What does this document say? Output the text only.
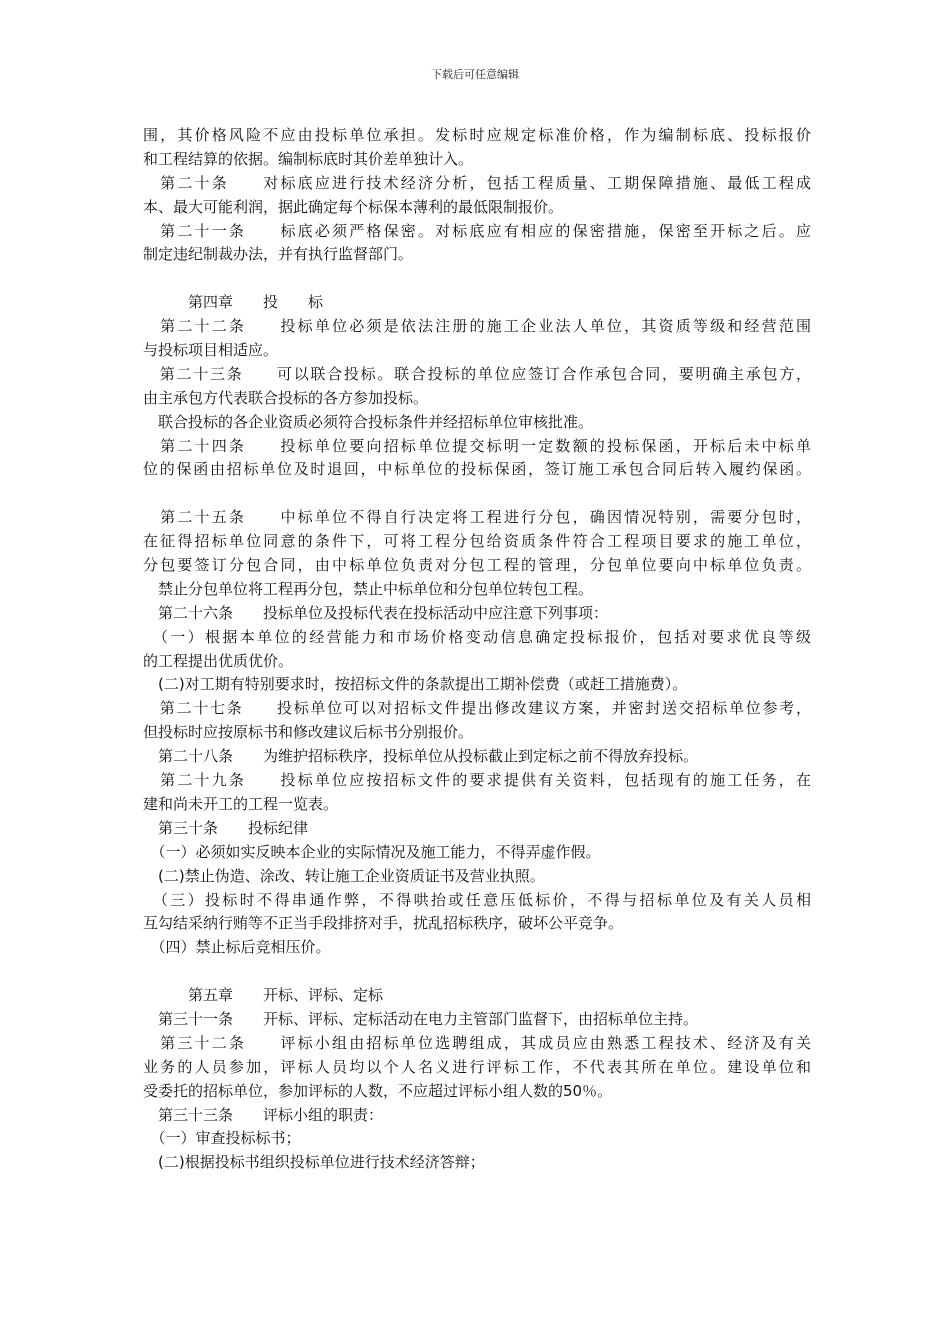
下载后可任意编辑
围，其价格风险不应由投标单位承担。发标时应规定标准价格，作为编制标底、投标报价
和工程结算的依据。编制标底时其价差单独计入。
　第二十条　　对标底应进行技术经济分析，包括工程质量、工期保障措施、最低工程成
本、最大可能利润，据此确定每个标保本薄利的最低限制报价。
　第二十一条　　标底必须严格保密。对标底应有相应的保密措施，保密至开标之后。应
制定违纪制裁办法，并有执行监督部门。
　　　第四章　　投　　标
　第二十二条　　投标单位必须是依法注册的施工企业法人单位，其资质等级和经营范围
与投标项目相适应。
　第二十三条　　可以联合投标。联合投标的单位应签订合作承包合同，要明确主承包方，
由主承包方代表联合投标的各方参加投标。
　联合投标的各企业资质必须符合投标条件并经招标单位审核批准。
　第二十四条　　投标单位要向招标单位提交标明一定数额的投标保函，开标后未中标单
位的保函由招标单位及时退回，中标单位的投标保函，签订施工承包合同后转入履约保函。
　第二十五条　　中标单位不得自行决定将工程进行分包，确因情况特别，需要分包时，
在征得招标单位同意的条件下，可将工程分包给资质条件符合工程项目要求的施工单位，
分包要签订分包合同，由中标单位负责对分包工程的管理，分包单位要向中标单位负责。
　禁止分包单位将工程再分包，禁止中标单位和分包单位转包工程。
　第二十六条　　投标单位及投标代表在投标活动中应注意下列事项：
　（一）根据本单位的经营能力和市场价格变动信息确定投标报价，包括对要求优良等级
的工程提出优质优价。
　(二)对工期有特别要求时，按招标文件的条款提出工期补偿费（或赶工措施费）。
　第二十七条　　投标单位可以对招标文件提出修改建议方案，并密封送交招标单位参考，
但投标时应按原标书和修改建议后标书分别报价。
　第二十八条　　为维护招标秩序，投标单位从投标截止到定标之前不得放弃投标。
　第二十九条　　投标单位应按招标文件的要求提供有关资料，包括现有的施工任务，在
建和尚未开工的工程一览表。
　第三十条　　投标纪律
　（一）必须如实反映本企业的实际情况及施工能力，不得弄虚作假。
　(二)禁止伪造、涂改、转让施工企业资质证书及营业执照。
　（三）投标时不得串通作弊，不得哄抬或任意压低标价，不得与招标单位及有关人员相
互勾结采纳行贿等不正当手段排挤对手，扰乱招标秩序，破坏公平竞争。
　（四）禁止标后竞相压价。
　　　第五章　　开标、评标、定标
　第三十一条　　开标、评标、定标活动在电力主管部门监督下，由招标单位主持。
　第三十二条　　评标小组由招标单位选聘组成，其成员应由熟悉工程技术、经济及有关
业务的人员参加，评标人员均以个人名义进行评标工作，不代表其所在单位。建设单位和
受委托的招标单位，参加评标的人数，不应超过评标小组人数的50％。
　第三十三条　　评标小组的职责：
　（一）审查投标标书；
　(二)根据投标书组织投标单位进行技术经济答辩；
